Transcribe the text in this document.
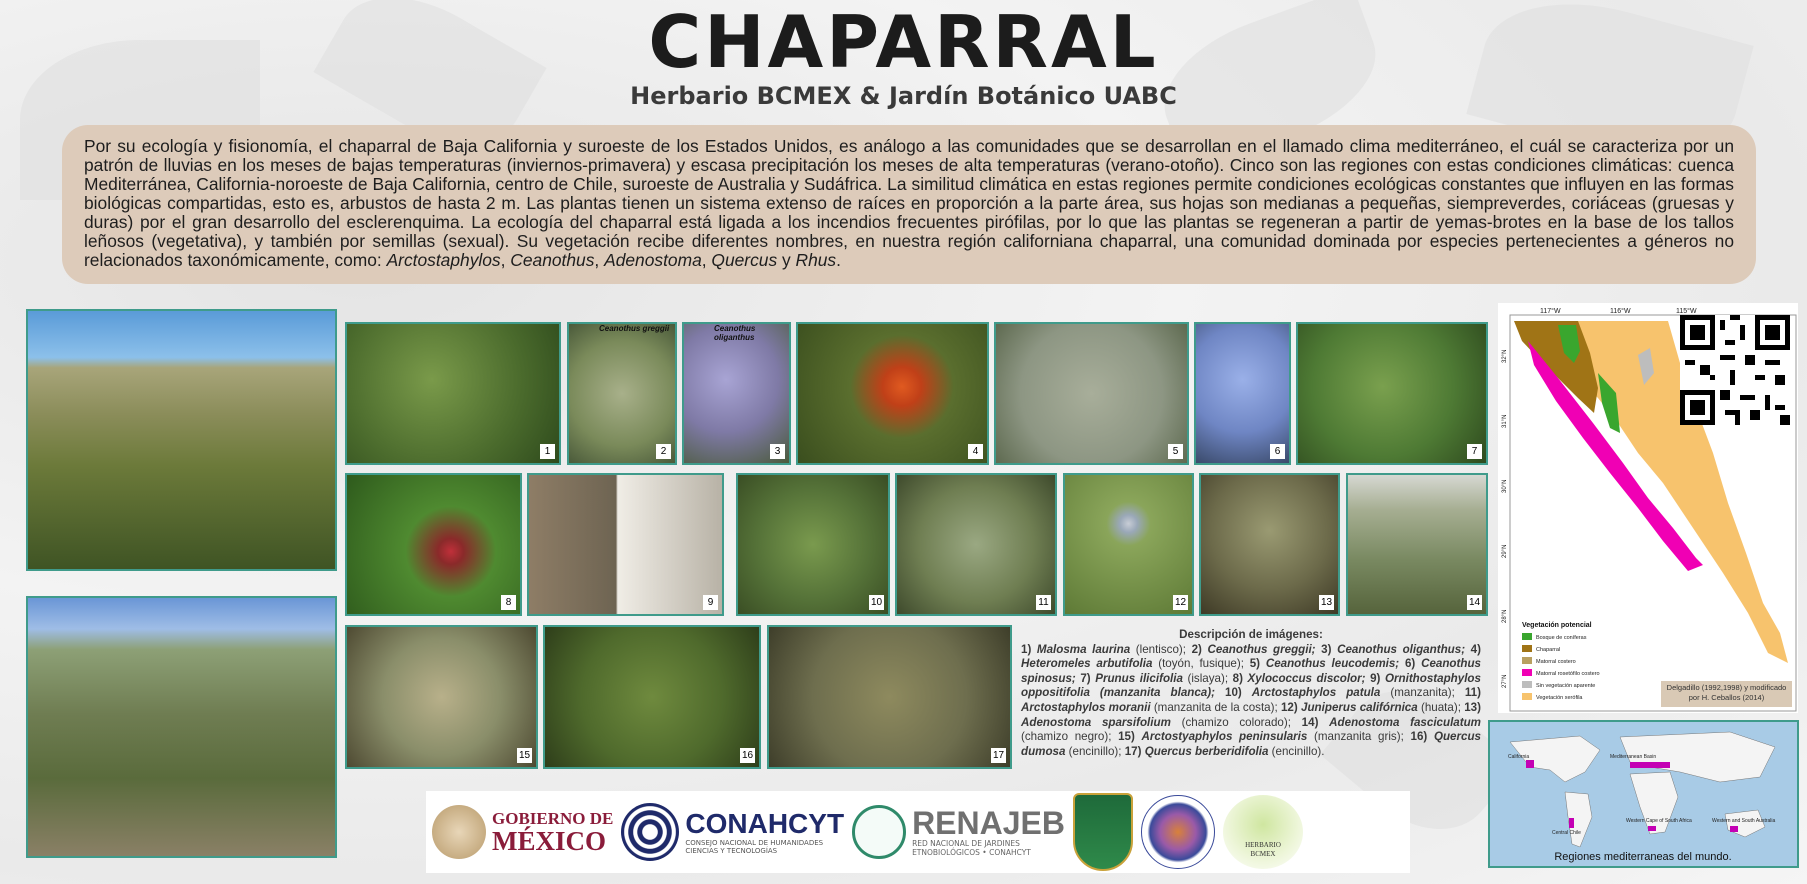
CHAPARRAL
Herbario BCMEX & Jardín Botánico UABC
Por su ecología y fisionomía, el chaparral de Baja California y suroeste de los Estados Unidos, es análogo a las comunidades que se desarrollan en el llamado clima mediterráneo, el cuál se caracteriza por un patrón de lluvias en los meses de bajas temperaturas (inviernos-primavera) y escasa precipitación los meses de alta temperaturas (verano-otoño). Cinco son las regiones con estas condiciones climáticas: cuenca Mediterránea, California-noroeste de Baja California, centro de Chile, suroeste de Australia y Sudáfrica. La similitud climática en estas regiones permite condiciones ecológicas constantes que influyen en las formas biológicas compartidas, esto es, arbustos de hasta 2 m. Las plantas tienen un sistema extenso de raíces en proporción a la parte área, sus hojas son medianas a pequeñas, siempreverdes, coriáceas (gruesas y duras) por el gran desarrollo del esclerenquima. La ecología del chaparral está ligada a los incendios frecuentes pirófilas, por lo que las plantas se regeneran a partir de yemas-brotes en la base de los tallos leñosos (vegetativa), y también por semillas (sexual). Su vegetación recibe diferentes nombres, en nuestra región californiana chaparral, una comunidad dominada por especies pertenecientes a géneros no relacionados taxonómicamente, como: Arctostaphylos, Ceanothus, Adenostoma, Quercus y Rhus.
1
Ceanothus greggii
2
Ceanothus oliganthus
3	4	5	6	7
8	9	10	11	12	13	14
15	16	17
Descripción de imágenes:
1) Malosma laurina (lentisco); 2) Ceanothus greggii; 3) Ceanothus oliganthus; 4) Heteromeles arbutifolia (toyón, fusique); 5) Ceanothus leucodemis; 6) Ceanothus spinosus; 7) Prunus ilicifolia (islaya); 8) Xylococcus discolor; 9) Ornithostaphylos oppositifolia (manzanita blanca); 10) Arctostaphylos patula (manzanita); 11) Arctostaphylos moranii (manzanita de la costa); 12) Juniperus califórnica (huata); 13) Adenostoma sparsifolium (chamizo colorado); 14) Adenostoma fasciculatum (chamizo negro); 15) Arctostyaphylos peninsularis (manzanita gris); 16) Quercus dumosa (encinillo); 17) Quercus berberidifolia (encinillo).
117°W	116°W	115°W
32°N
31°N
30°N
29°N
28°N
27°N
Vegetación potencial
Bosque de coníferas
Chaparral
Matorral costero
Matorral rosetófilo costero
Sin vegetación aparente
Vegetación xerófila
Delgadillo (1992,1998) y modificado por H. Ceballos (2014)
California	Mediterranean Basin
Central Chile
Western Cape of South Africa	Western and South Australia
Regiones mediterraneas del mundo.
GOBIERNO DE
MÉXICO
CONAHCYT
CONSEJO NACIONAL DE HUMANIDADES
CIENCIAS Y TECNOLOGÍAS
RENAJEB
RED NACIONAL DE JARDINES
ETNOBIOLÓGICOS • CONAHCYT
HERBARIO
BCMEX
